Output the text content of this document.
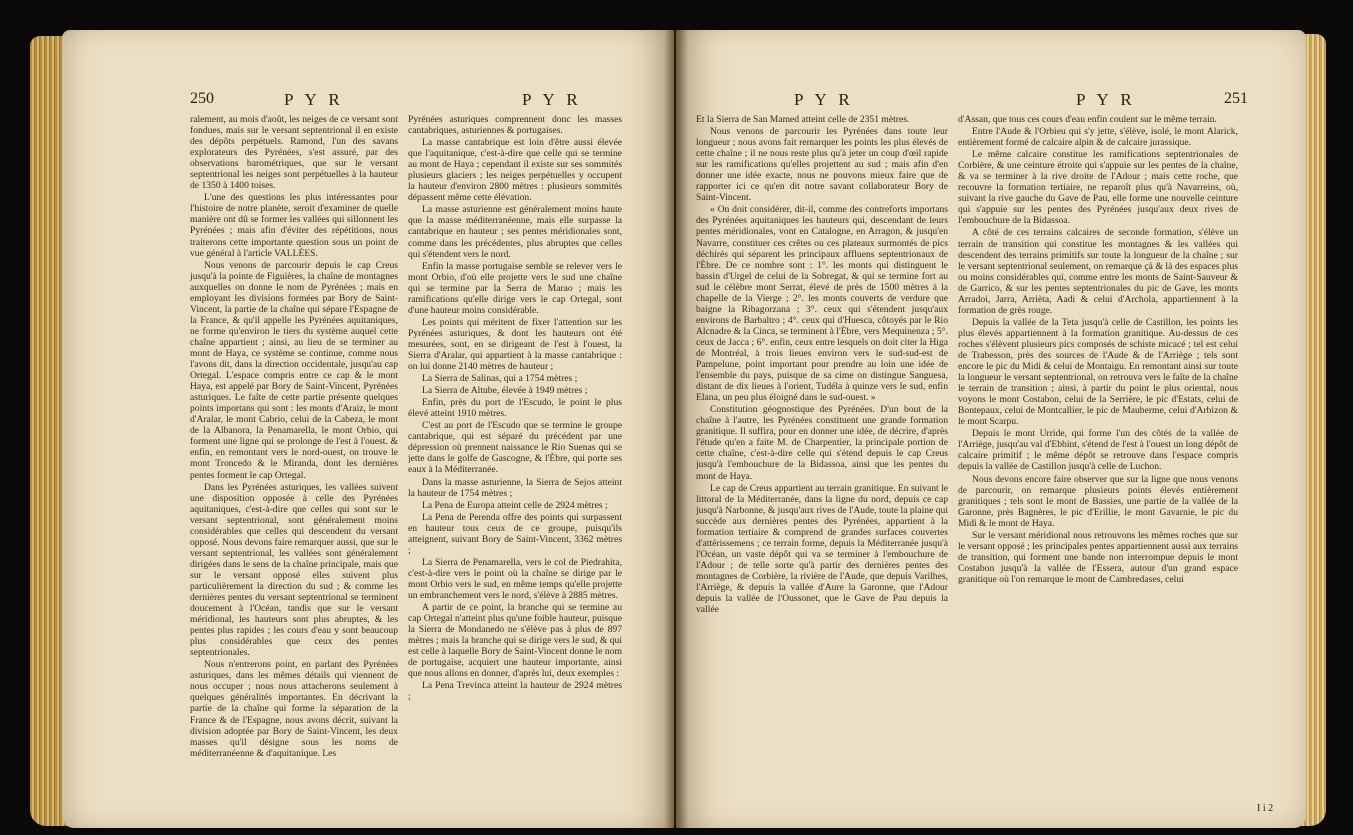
250	P Y R	P Y R

ralement, au mois d'août, les neiges de ce versant sont fondues, mais sur le versant septentrional il en existe des dépôts perpétuels. Ramond, l'un des savans explorateurs des Pyrénées, s'est assuré, par des observations barométriques, que sur le versant septentrional les neiges sont perpétuelles à la hauteur de 1350 à 1400 toises.

L'une des questions les plus intéressantes pour l'histoire de notre planète, seroit d'examiner de quelle manière ont dû se former les vallées qui sillonnent les Pyrénées ; mais afin d'éviter des répétitions, nous traiterons cette importante question sous un point de vue général à l'article VALLÉES.

Nous venons de parcourir depuis le cap Creus jusqu'à la pointe de Figuières, la chaîne de montagnes auxquelles on donne le nom de Pyrénées ; mais en employant les divisions formées par Bory de Saint-Vincent, la partie de la chaîne qui sépare l'Espagne de la France, & qu'il appelle les Pyrénées aquitaniques, ne forme qu'environ le tiers du système auquel cette chaîne appartient ; ainsi, au lieu de se terminer au mont de Haya, ce système se continue, comme nous l'avons dit, dans la direction occidentale, jusqu'au cap Ortegal. L'espace compris entre ce cap & le mont Haya, est appelé par Bory de Saint-Vincent, Pyrénées asturiques. Le faîte de cette partie présente quelques points importans qui sont : les monts d'Araiz, le mont d'Aralar, le mont Cabrio, celui de la Cabeza, le mont de la Albanora, la Penamarella, le mont Orbio, qui forment une ligne qui se prolonge de l'est à l'ouest. & enfin, en remontant vers le nord-ouest, on trouve le mont Troncedo & le Miranda, dont les dernières pentes forment le cap Ortegal.

Dans les Pyrénées asturiques, les vallées suivent une disposition opposée à celle des Pyrénées aquitaniques, c'est-à-dire que celles qui sont sur le versant septentrional, sont généralement moins considérables que celles qui descendent du versant opposé. Nous devons faire remarquer aussi, que sur le versant septentrional, les vallées sont généralement dirigées dans le sens de la chaîne principale, mais que sur le versant opposé elles suivent plus particulièrement la direction du sud ; & comme les dernières pentes du versant septentrional se terminent doucement à l'Océan, tandis que sur le versant méridional, les hauteurs sont plus abruptes, & les pentes plus rapides ; les cours d'eau y sont beaucoup plus considérables que ceux des pentes septentrionales.

Nous n'entrerons point, en parlant des Pyrénées asturiques, dans les mêmes détails qui viennent de nous occuper ; nous nous attacherons seulement à quelques généralités importantes. En décrivant la partie de la chaîne qui forme la séparation de la France & de l'Espagne, nous avons décrit, suivant la division adoptée par Bory de Saint-Vincent, les deux masses qu'il désigne sous les noms de méditerranéenne & d'aquitanique. Les

Pyrénées asturiques comprennent donc les masses cantabriques, asturiennes & portugaises.

La masse cantabrique est loin d'être aussi élevée que l'aquitanique, c'est-à-dire que celle qui se termine au mont de Haya ; cependant il existe sur ses sommités plusieurs glaciers ; les neiges perpétuelles y occupent la hauteur d'environ 2800 mètres : plusieurs sommités dépassent même cette élévation.

La masse asturienne est généralement moins haute que la masse méditerranéenne, mais elle surpasse la cantabrique en hauteur ; ses pentes méridionales sont, comme dans les précédentes, plus abruptes que celles qui s'étendent vers le nord.

Enfin la masse portugaise semble se relever vers le mont Orbio, d'où elle projette vers le sud une chaîne qui se termine par la Serra de Marao ; mais les ramifications qu'elle dirige vers le cap Ortegal, sont d'une hauteur moins considérable.

Les points qui méritent de fixer l'attention sur les Pyrénées asturiques, & dont les hauteurs ont été mesurées, sont, en se dirigeant de l'est à l'ouest, la Sierra d'Aralar, qui appartient à la masse cantabrique : on lui donne 2140 mètres de hauteur ;

La Sierra de Salinas, qui a 1754 mètres ;

La Sierra de Altube, élevée à 1949 mètres ;

Enfin, près du port de l'Escudo, le point le plus élevé atteint 1910 mètres.

C'est au port de l'Escudo que se termine le groupe cantabrique, qui est séparé du précédent par une dépression où prennent naissance le Rio Suenas qui se jette dans le golfe de Gascogne, & l'Èbre, qui porte ses eaux à la Méditerranée.

Dans la masse asturienne, la Sierra de Sejos atteint la hauteur de 1754 mètres ;

La Pena de Europa atteint celle de 2924 mètres ;

La Pena de Perenda offre des points qui surpassent en hauteur tous ceux de ce groupe, puisqu'ils atteignent, suivant Bory de Saint-Vincent, 3362 mètres ;

La Sierra de Penamarella, vers le col de Piedrahita, c'est-à-dire vers le point où la chaîne se dirige par le mont Orbio vers le sud, en même temps qu'elle projette un embranchement vers le nord, s'élève à 2885 mètres.

A partir de ce point, la branche qui se termine au cap Ortegal n'atteint plus qu'une foible hauteur, puisque la Sierra de Mondanedo ne s'élève pas à plus de 897 mètres ; mais la branche qui se dirige vers le sud, & qui est celle à laquelle Bory de Saint-Vincent donne le nom de portugaise, acquiert une hauteur importante, ainsi que nous allons en donner, d'après lui, deux exemples :

La Pena Trevinca atteint la hauteur de 2924 mètres ;

P Y R	P Y R	251

Et la Sierra de San Mamed atteint celle de 2351 mètres.

Nous venons de parcourir les Pyrénées dans toute leur longueur ; nous avons fait remarquer les points les plus élevés de cette chaîne ; il ne nous reste plus qu'à jeter un coup d'œil rapide sur les ramifications qu'elles projettent au sud ; mais afin d'en donner une idée exacte, nous ne pouvons mieux faire que de rapporter ici ce qu'en dit notre savant collaborateur Bory de Saint-Vincent.

« On doit considérer, dit-il, comme des contreforts importans des Pyrénées aquitaniques les hauteurs qui, descendant de leurs pentes méridionales, vont en Catalogne, en Arragon, & jusqu'en Navarre, constituer ces crêtes ou ces plateaux surmontés de pics déchirés qui séparent les principaux affluens septentrionaux de l'Èbre. De ce nombre sont : 1°. les monts qui distinguent le bassin d'Urgel de celui de la Sobregat, & qui se termine fort au sud le célèbre mont Serrat, élevé de près de 1500 mètres à la chapelle de la Vierge ; 2°. les monts couverts de verdure que baigne la Ribagorzana ; 3°. ceux qui s'étendent jusqu'aux environs de Barbaltro ; 4°. ceux qui d'Huesca, côtoyés par le Rio Alcnadre & la Cinca, se terminent à l'Èbre, vers Mequinenza ; 5°. ceux de Jacca ; 6°. enfin, ceux entre lesquels on doit citer la Higa de Montréal, à trois lieues environ vers le sud-sud-est de Pampelune, point important pour prendre au loin une idée de l'ensemble du pays, puisque de sa cime on distingue Sanguesa, distant de dix lieues à l'orient, Tudéla à quinze vers le sud, enfin Elana, un peu plus éloigné dans le sud-ouest. »

Constitution géognostique des Pyrénées. D'un bout de la chaîne à l'autre, les Pyrénées constituent une grande formation granitique. Il suffira, pour en donner une idée, de décrire, d'après l'étude qu'en a faite M. de Charpentier, la principale portion de cette chaîne, c'est-à-dire celle qui s'étend depuis le cap Creus jusqu'à l'embouchure de la Bidassoa, ainsi que les pentes du mont de Haya.

Le cap de Creus appartient au terrain granitique. En suivant le littoral de la Méditerranée, dans la ligne du nord, depuis ce cap jusqu'à Narbonne, & jusqu'aux rives de l'Aude, toute la plaine qui succède aux dernières pentes des Pyrénées, appartient à la formation tertiaire & comprend de grandes surfaces couvertes d'attérissemens ; ce terrain forme, depuis la Méditerranée jusqu'à l'Océan, un vaste dépôt qui va se terminer à l'embouchure de l'Adour ; de telle sorte qu'à partir des dernières pentes des montagnes de Corbière, la rivière de l'Aude, que depuis Varilhes, l'Arriège, & depuis la vallée d'Aure la Garonne, que l'Adour depuis la vallée de l'Oussonet, que le Gave de Pau depuis la vallée

d'Assan, que tous ces cours d'eau enfin coulent sur le même terrain.

Entre l'Aude & l'Orbieu qui s'y jette, s'élève, isolé, le mont Alarick, entièrement formé de calcaire alpin & de calcaire jurassique.

Le même calcaire constitue les ramifications septentrionales de Corbière, & une ceinture étroite qui s'appuie sur les pentes de la chaîne, & va se terminer à la rive droite de l'Adour ; mais cette roche, que recouvre la formation tertiaire, ne reparoît plus qu'à Navarreins, où, suivant la rive gauche du Gave de Pau, elle forme une nouvelle ceinture qui s'appuie sur les pentes des Pyrénées jusqu'aux deux rives de l'embouchure de la Bidassoa.

A côté de ces terrains calcaires de seconde formation, s'élève un terrain de transition qui constitue les montagnes & les vallées qui descendent des terrains primitifs sur toute la longueur de la chaîne ; sur le versant septentrional seulement, on remarque çà & là des espaces plus ou moins considérables qui, comme entre les monts de Saint-Sauveur & de Garrico, & sur les pentes septentrionales du pic de Gave, les monts Arradoi, Jarra, Arrièta, Aadi & celui d'Archola, appartiennent à la formation de grès rouge.

Depuis la vallée de la Teta jusqu'à celle de Castillon, les points les plus élevés appartiennent à la formation granitique. Au-dessus de ces roches s'élèvent plusieurs pics composés de schiste micacé ; tel est celui de Trabesson, près des sources de l'Aude & de l'Arriège ; tels sont encore le pic du Midi & celui de Montaigu. En remontant ainsi sur toute la longueur le versant septentrional, on retrouva vers le faîte de la chaîne le terrain de transition ; ainsi, à partir du point le plus oriental, nous voyons le mont Costabon, celui de la Serrière, le pic d'Estats, celui de Bontepaux, celui de Montcallier, le pic de Mauberme, celui d'Arbizon & le mont Scarpu.

Depuis le mont Urride, qui forme l'un des côtés de la vallée de l'Arriège, jusqu'au val d'Ebbint, s'étend de l'est à l'ouest un long dépôt de calcaire primitif ; le même dépôt se retrouve dans l'espace compris depuis la vallée de Castillon jusqu'à celle de Luchon.

Nous devons encore faire observer que sur la ligne que nous venons de parcourir, on remarque plusieurs points élevés entièrement granitiques ; tels sont le mont de Bassies, une partie de la vallée de la Garonne, près Bagnères, le pic d'Erillie, le mont Gavarnie, le pic du Midi & le mont de Haya.

Sur le versant méridional nous retrouvons les mêmes roches que sur le versant opposé ; les principales pentes appartiennent aussi aux terrains de transition, qui forment une bande non interrompue depuis le mont Costabon jusqu'à la vallée de l'Essera, autour d'un grand espace granitique où l'on remarque le mont de Cambredases, celui

I i 2
